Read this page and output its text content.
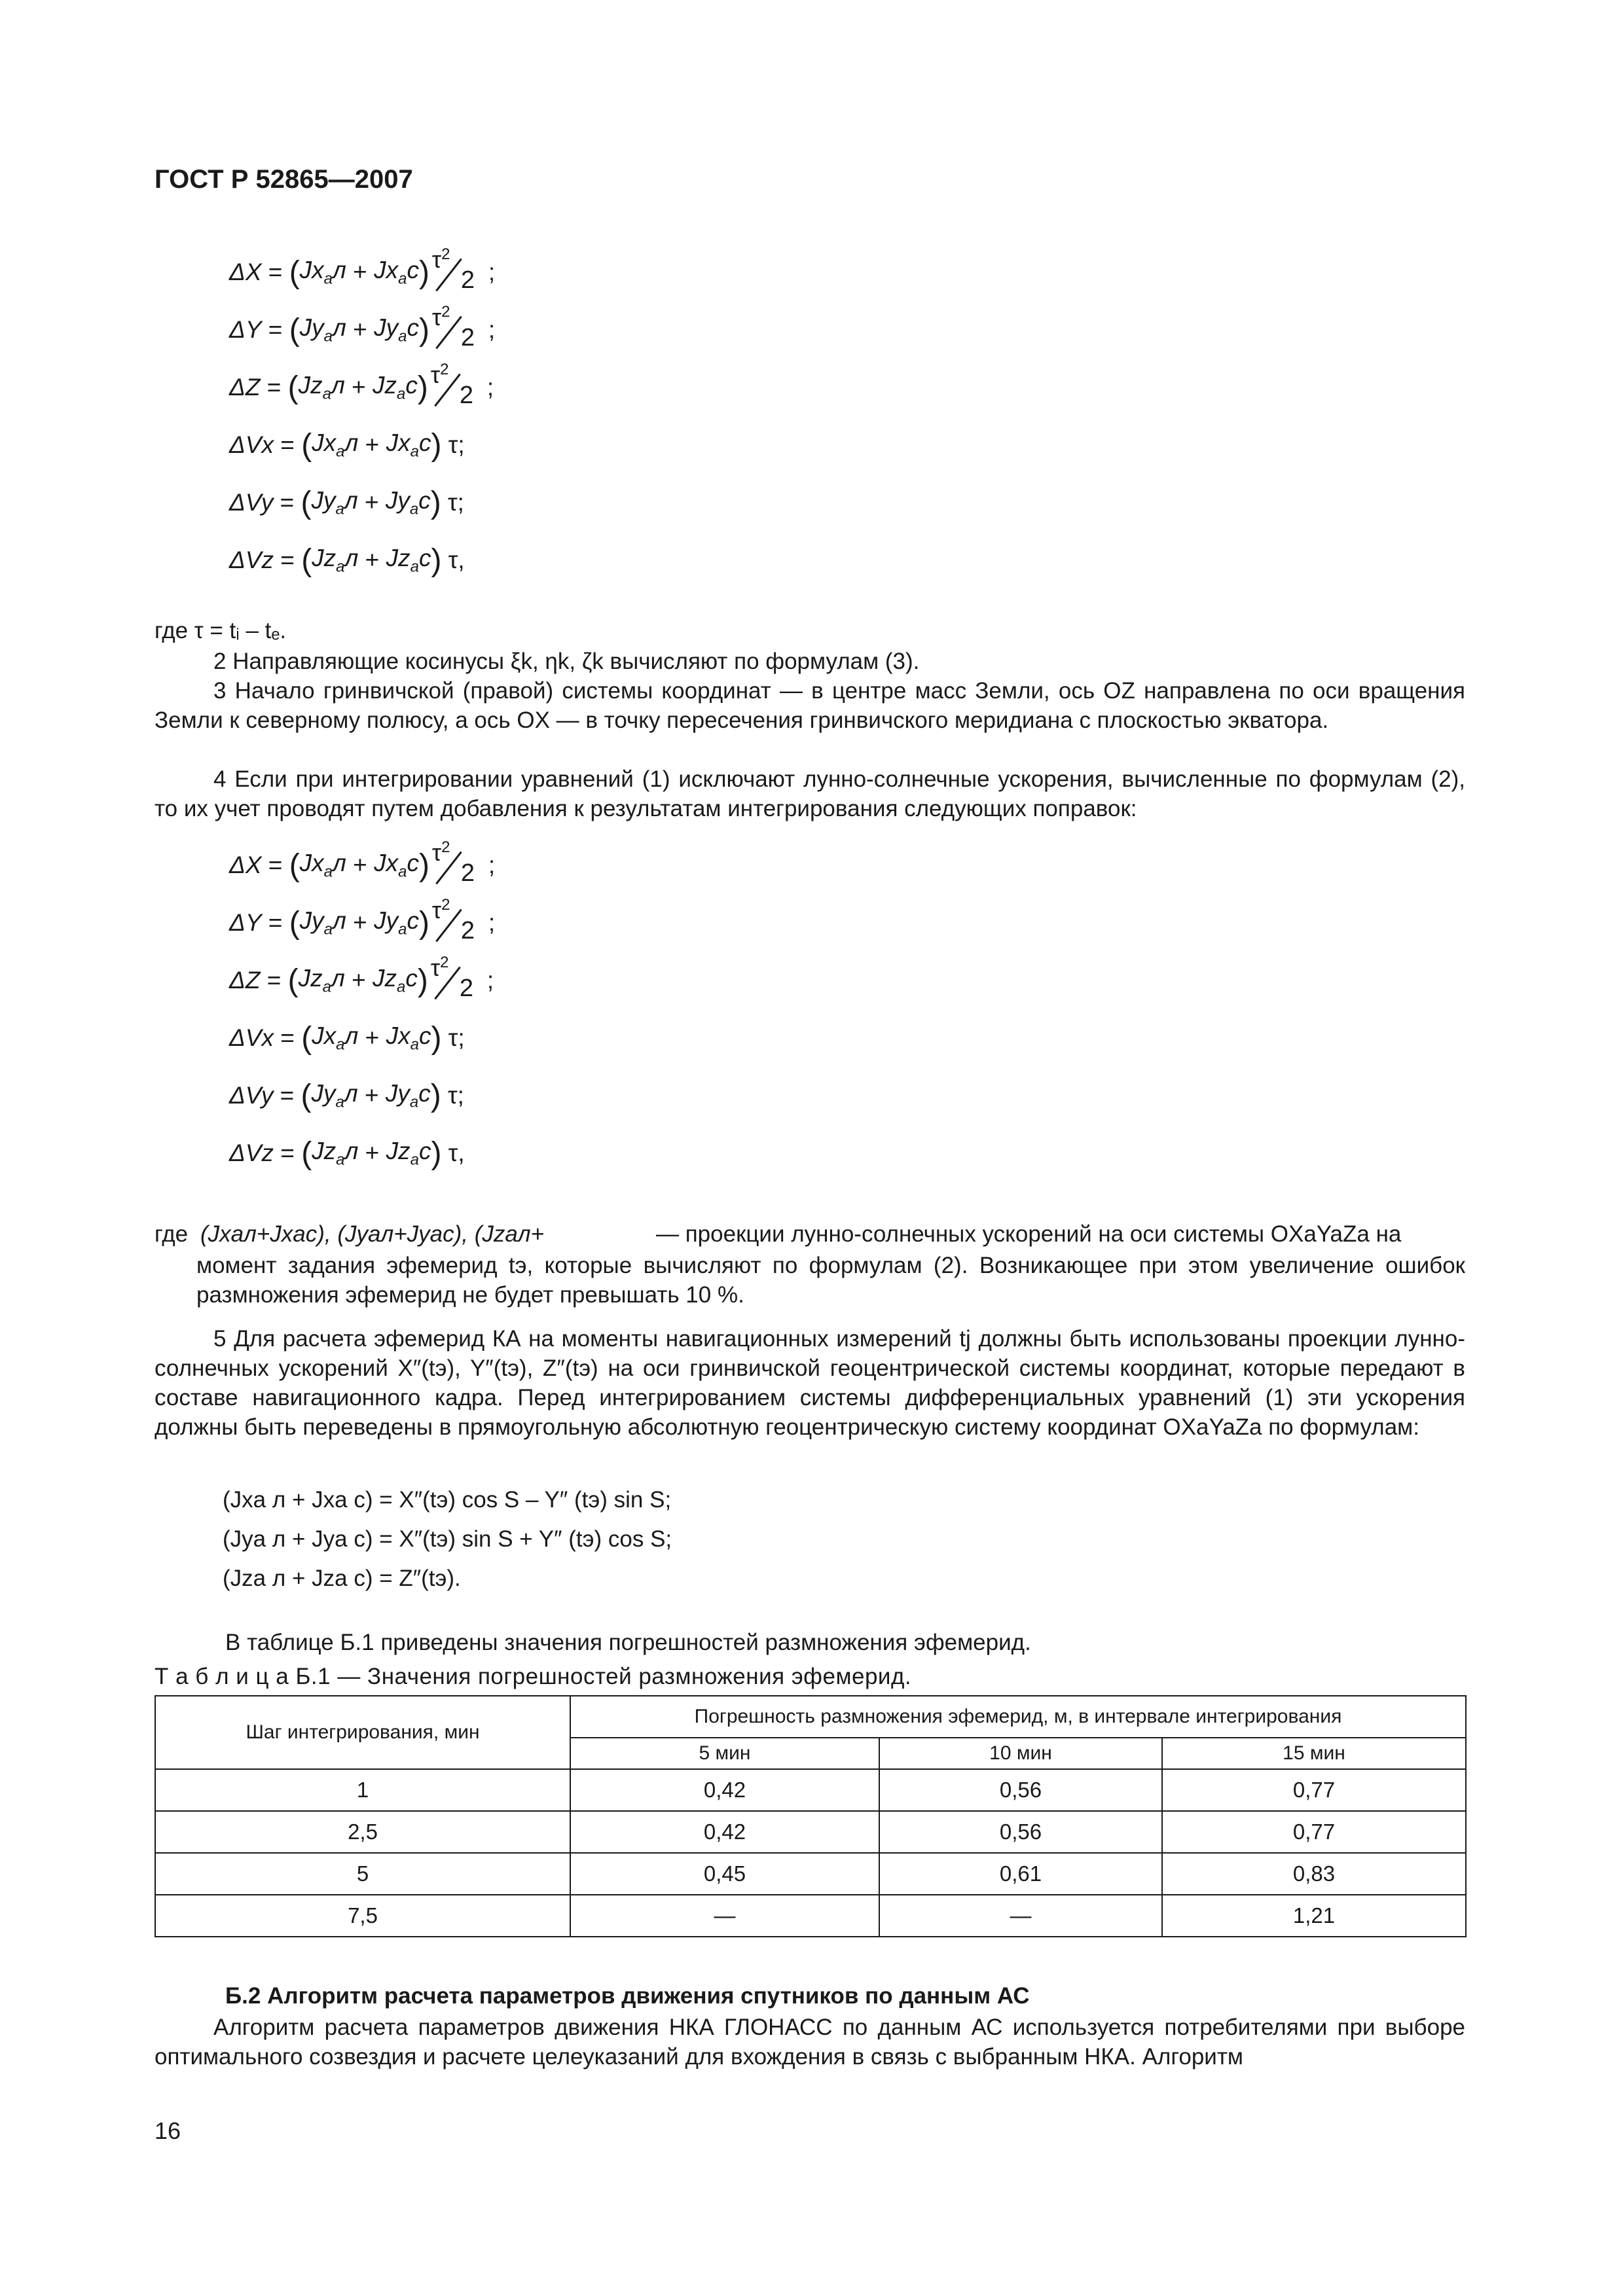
ГОСТ Р 52865—2007
ΔX = ( $Jx_aл + Jx_ac$ ) $\tau^2$
2 ;
ΔY = ( $Jy_aл + Jy_ac$ ) $\tau^2$
2 ;
ΔZ = ( $Jz_aл + Jz_ac$ ) $\tau^2$
2 ;
ΔVx = ( $Jx_aл + Jx_ac$ ) τ;
ΔVy = ( $Jy_aл + Jy_ac$ ) τ;
ΔVz = ( $Jz_aл + Jz_ac$ ) τ,
где τ = tᵢ – tₑ.

2 Направляющие косинусы ξk, ηk, ζk вычисляют по формулам (3).

3 Начало гринвичской (правой) системы координат — в центре масс Земли, ось OZ направлена по оси вращения Земли к северному полюсу, а ось OX — в точку пересечения гринвичского меридиана с плоскостью экватора.

4 Если при интегрировании уравнений (1) исключают лунно-солнечные ускорения, вычисленные по формулам (2), то их учет проводят путем добавления к результатам интегрирования следующих поправок:

ΔX = ( $Jx_aл + Jx_ac$ ) $\tau^2$
2 ;
ΔY = ( $Jy_aл + Jy_ac$ ) $\tau^2$
2 ;
ΔZ = ( $Jz_aл + Jz_ac$ ) $\tau^2$
2 ;
ΔVx = ( $Jx_aл + Jx_ac$ ) τ;
ΔVy = ( $Jy_aл + Jy_ac$ ) τ;
ΔVz = ( $Jz_aл + Jz_ac$ ) τ,
где (Jxaл+Jxac), (Jyaл+Jyac), (Jzaл+	— проекции лунно-солнечных ускорений на оси системы OXaYaZa на

момент задания эфемерид tэ, которые вычисляют по формулам (2). Возникающее при этом увеличение ошибок размножения эфемерид не будет превышать 10 %.

5 Для расчета эфемерид КА на моменты навигационных измерений tj должны быть использованы проекции лунно-солнечных ускорений X″(tэ), Y″(tэ), Z″(tэ) на оси гринвичской геоцентрической системы координат, которые передают в составе навигационного кадра. Перед интегрированием системы дифференциальных уравнений (1) эти ускорения должны быть переведены в прямоугольную абсолютную геоцентрическую систему координат OXaYaZa по формулам:

(Jxa л + Jxa c) = X″(tэ) cos S – Y″ (tэ) sin S;
(Jya л + Jya c) = X″(tэ) sin S + Y″ (tэ) cos S;
(Jza л + Jza c) = Z″(tэ).
В таблице Б.1 приведены значения погрешностей размножения эфемерид.
Т а б л и ц а Б.1 — Значения погрешностей размножения эфемерид.
Шаг интегрирования, мин	Погрешность размножения эфемерид, м, в интервале интегрирования		
	5 мин	10 мин	15 мин
1	0,42	0,56	0,77
2,5	0,42	0,56	0,77
5	0,45	0,61	0,83
7,5	—	—	1,21
Б.2 Алгоритм расчета параметров движения спутников по данным АС

Алгоритм расчета параметров движения НКА ГЛОНАСС по данным АС используется потребителями при выборе оптимального созвездия и расчете целеуказаний для вхождения в связь с выбранным НКА. Алгоритм

16
